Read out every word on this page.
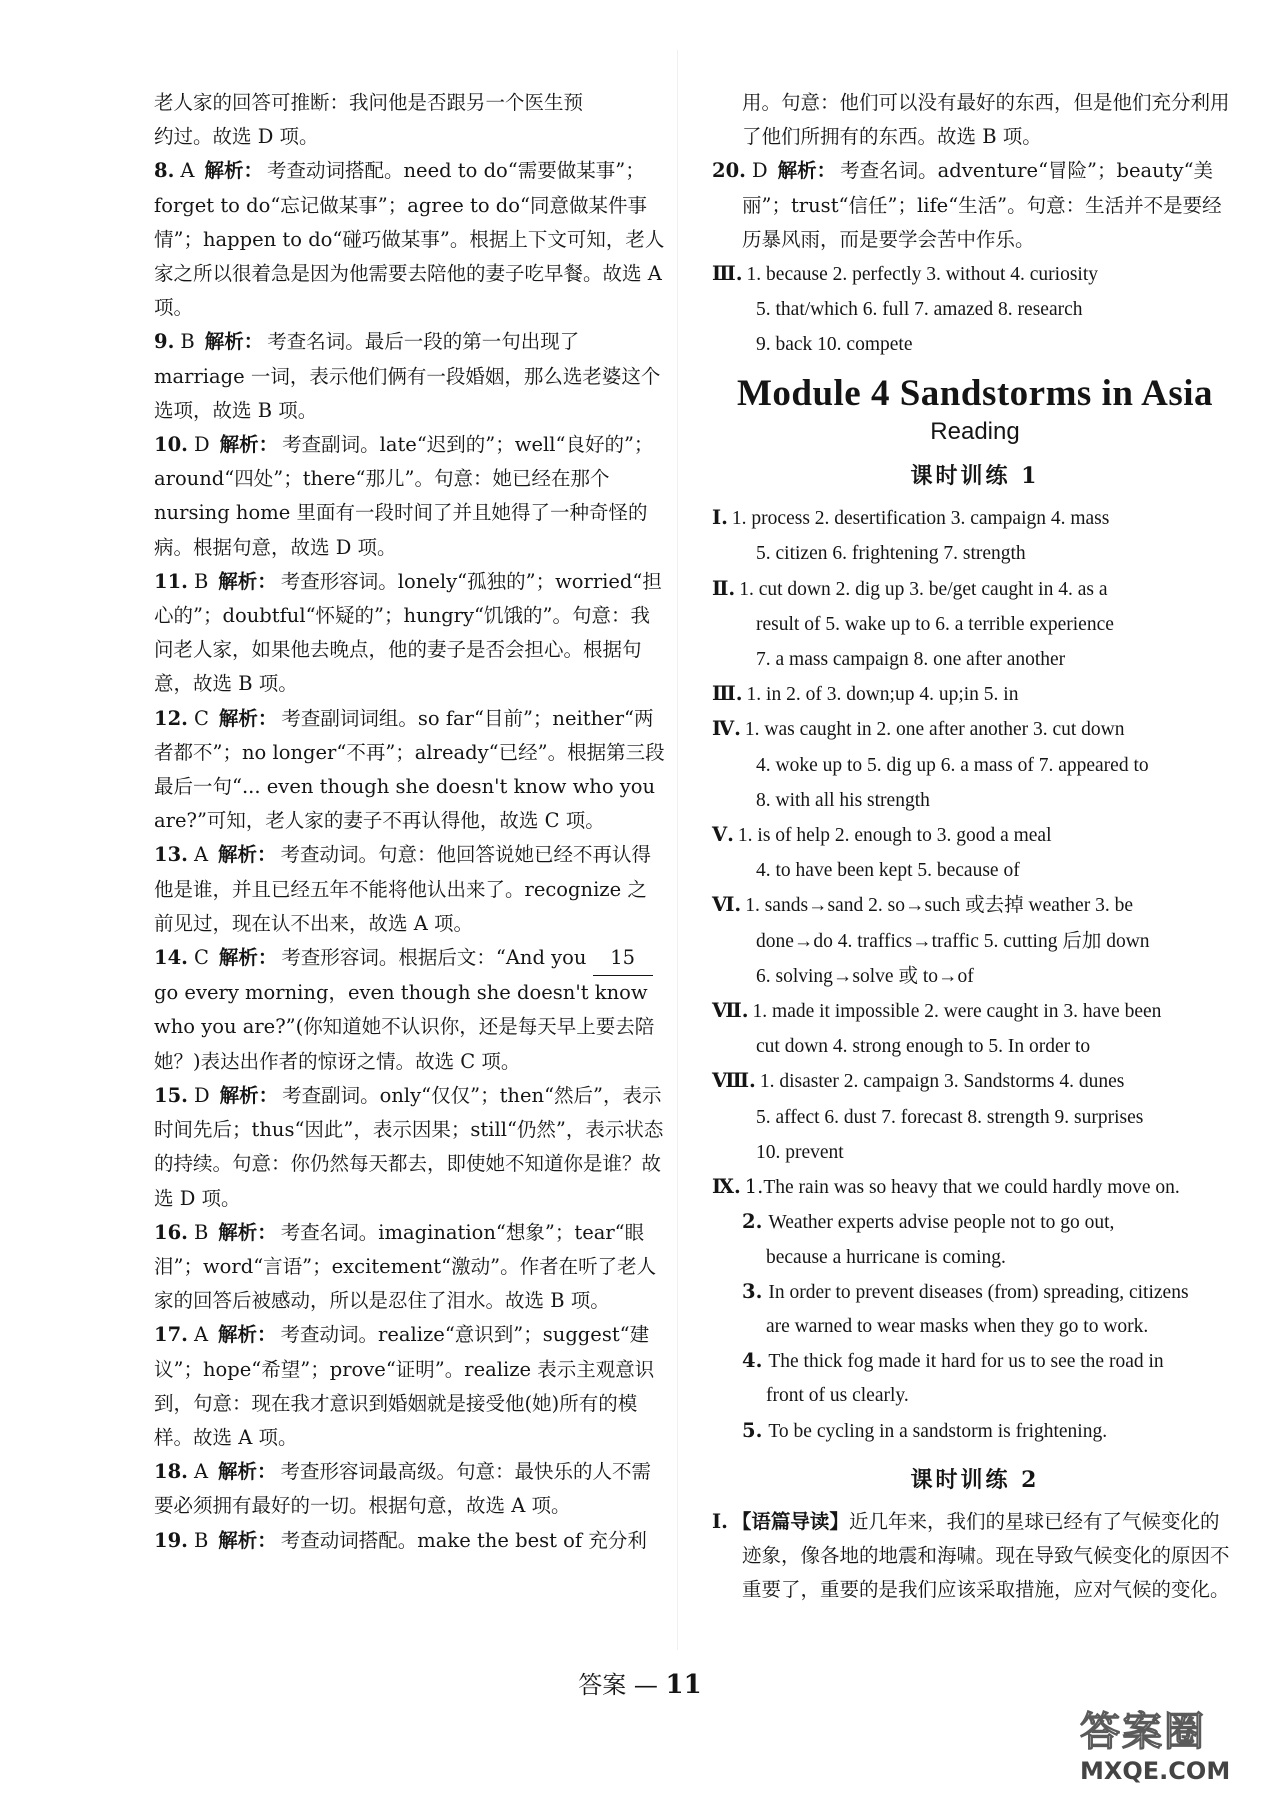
老人家的回答可推断：我问他是否跟另一个医生预

约过。故选 D 项。

8. A 解析： 考查动词搭配。need to do“需要做某事”；forget to do“忘记做某事”；agree to do“同意做某件事情”；happen to do“碰巧做某事”。根据上下文可知，老人家之所以很着急是因为他需要去陪他的妻子吃早餐。故选 A 项。

9. B 解析： 考查名词。最后一段的第一句出现了 marriage 一词，表示他们俩有一段婚姻，那么选老婆这个选项，故选 B 项。

10. D 解析： 考查副词。late“迟到的”；well“良好的”；around“四处”；there“那儿”。句意：她已经在那个 nursing home 里面有一段时间了并且她得了一种奇怪的病。根据句意，故选 D 项。

11. B 解析： 考查形容词。lonely“孤独的”；worried“担心的”；doubtful“怀疑的”；hungry“饥饿的”。句意：我问老人家，如果他去晚点，他的妻子是否会担心。根据句意，故选 B 项。

12. C 解析： 考查副词词组。so far“目前”；neither“两者都不”；no longer“不再”；already“已经”。根据第三段最后一句“... even though she doesn't know who you are?”可知，老人家的妻子不再认得他，故选 C 项。

13. A 解析： 考查动词。句意：他回答说她已经不再认得他是谁，并且已经五年不能将他认出来了。recognize 之前见过，现在认不出来，故选 A 项。

14. C 解析： 考查形容词。根据后文：“And you 15 go every morning，even though she doesn't know who you are?”(你知道她不认识你，还是每天早上要去陪她？)表达出作者的惊讶之情。故选 C 项。

15. D 解析： 考查副词。only“仅仅”；then“然后”，表示时间先后；thus“因此”，表示因果；still“仍然”，表示状态的持续。句意：你仍然每天都去，即使她不知道你是谁？故选 D 项。

16. B 解析： 考查名词。imagination“想象”；tear“眼泪”；word“言语”；excitement“激动”。作者在听了老人家的回答后被感动，所以是忍住了泪水。故选 B 项。

17. A 解析： 考查动词。realize“意识到”；suggest“建议”；hope“希望”；prove“证明”。realize 表示主观意识到，句意：现在我才意识到婚姻就是接受他(她)所有的模样。故选 A 项。

18. A 解析： 考查形容词最高级。句意：最快乐的人不需要必须拥有最好的一切。根据句意，故选 A 项。

19. B 解析： 考查动词搭配。make the best of 充分利

用。句意：他们可以没有最好的东西，但是他们充分利用了他们所拥有的东西。故选 B 项。

20. D 解析： 考查名词。adventure“冒险”；beauty“美丽”；trust“信任”；life“生活”。句意：生活并不是要经历暴风雨，而是要学会苦中作乐。

Ⅲ. 1. because 2. perfectly 3. without 4. curiosity

5. that/which 6. full 7. amazed 8. research

9. back 10. compete

Module 4 Sandstorms in Asia
Reading
课时训练 1

Ⅰ. 1. process 2. desertification 3. campaign 4. mass

5. citizen 6. frightening 7. strength

Ⅱ. 1. cut down 2. dig up 3. be/get caught in 4. as a

result of 5. wake up to 6. a terrible experience

7. a mass campaign 8. one after another

Ⅲ. 1. in 2. of 3. down;up 4. up;in 5. in

Ⅳ. 1. was caught in 2. one after another 3. cut down

4. woke up to 5. dig up 6. a mass of 7. appeared to

8. with all his strength

Ⅴ. 1. is of help 2. enough to 3. good a meal

4. to have been kept 5. because of

Ⅵ. 1. sands→sand 2. so→such 或去掉 weather 3. be

done→do 4. traffics→traffic 5. cutting 后加 down

6. solving→solve 或 to→of

Ⅶ. 1. made it impossible 2. were caught in 3. have been

cut down 4. strong enough to 5. In order to

Ⅷ. 1. disaster 2. campaign 3. Sandstorms 4. dunes

5. affect 6. dust 7. forecast 8. strength 9. surprises

10. prevent

Ⅸ. 1.The rain was so heavy that we could hardly move on.

2. Weather experts advise people not to go out,
because a hurricane is coming.

3. In order to prevent diseases (from) spreading, citizens
are warned to wear masks when they go to work.

4. The thick fog made it hard for us to see the road in
front of us clearly.

5. To be cycling in a sandstorm is frightening.

课时训练 2

Ⅰ. 【语篇导读】近几年来，我们的星球已经有了气候变化的迹象，像各地的地震和海啸。现在导致气候变化的原因不重要了，重要的是我们应该采取措施，应对气候的变化。

答案 — 11
答案圈
MXQE.COM
